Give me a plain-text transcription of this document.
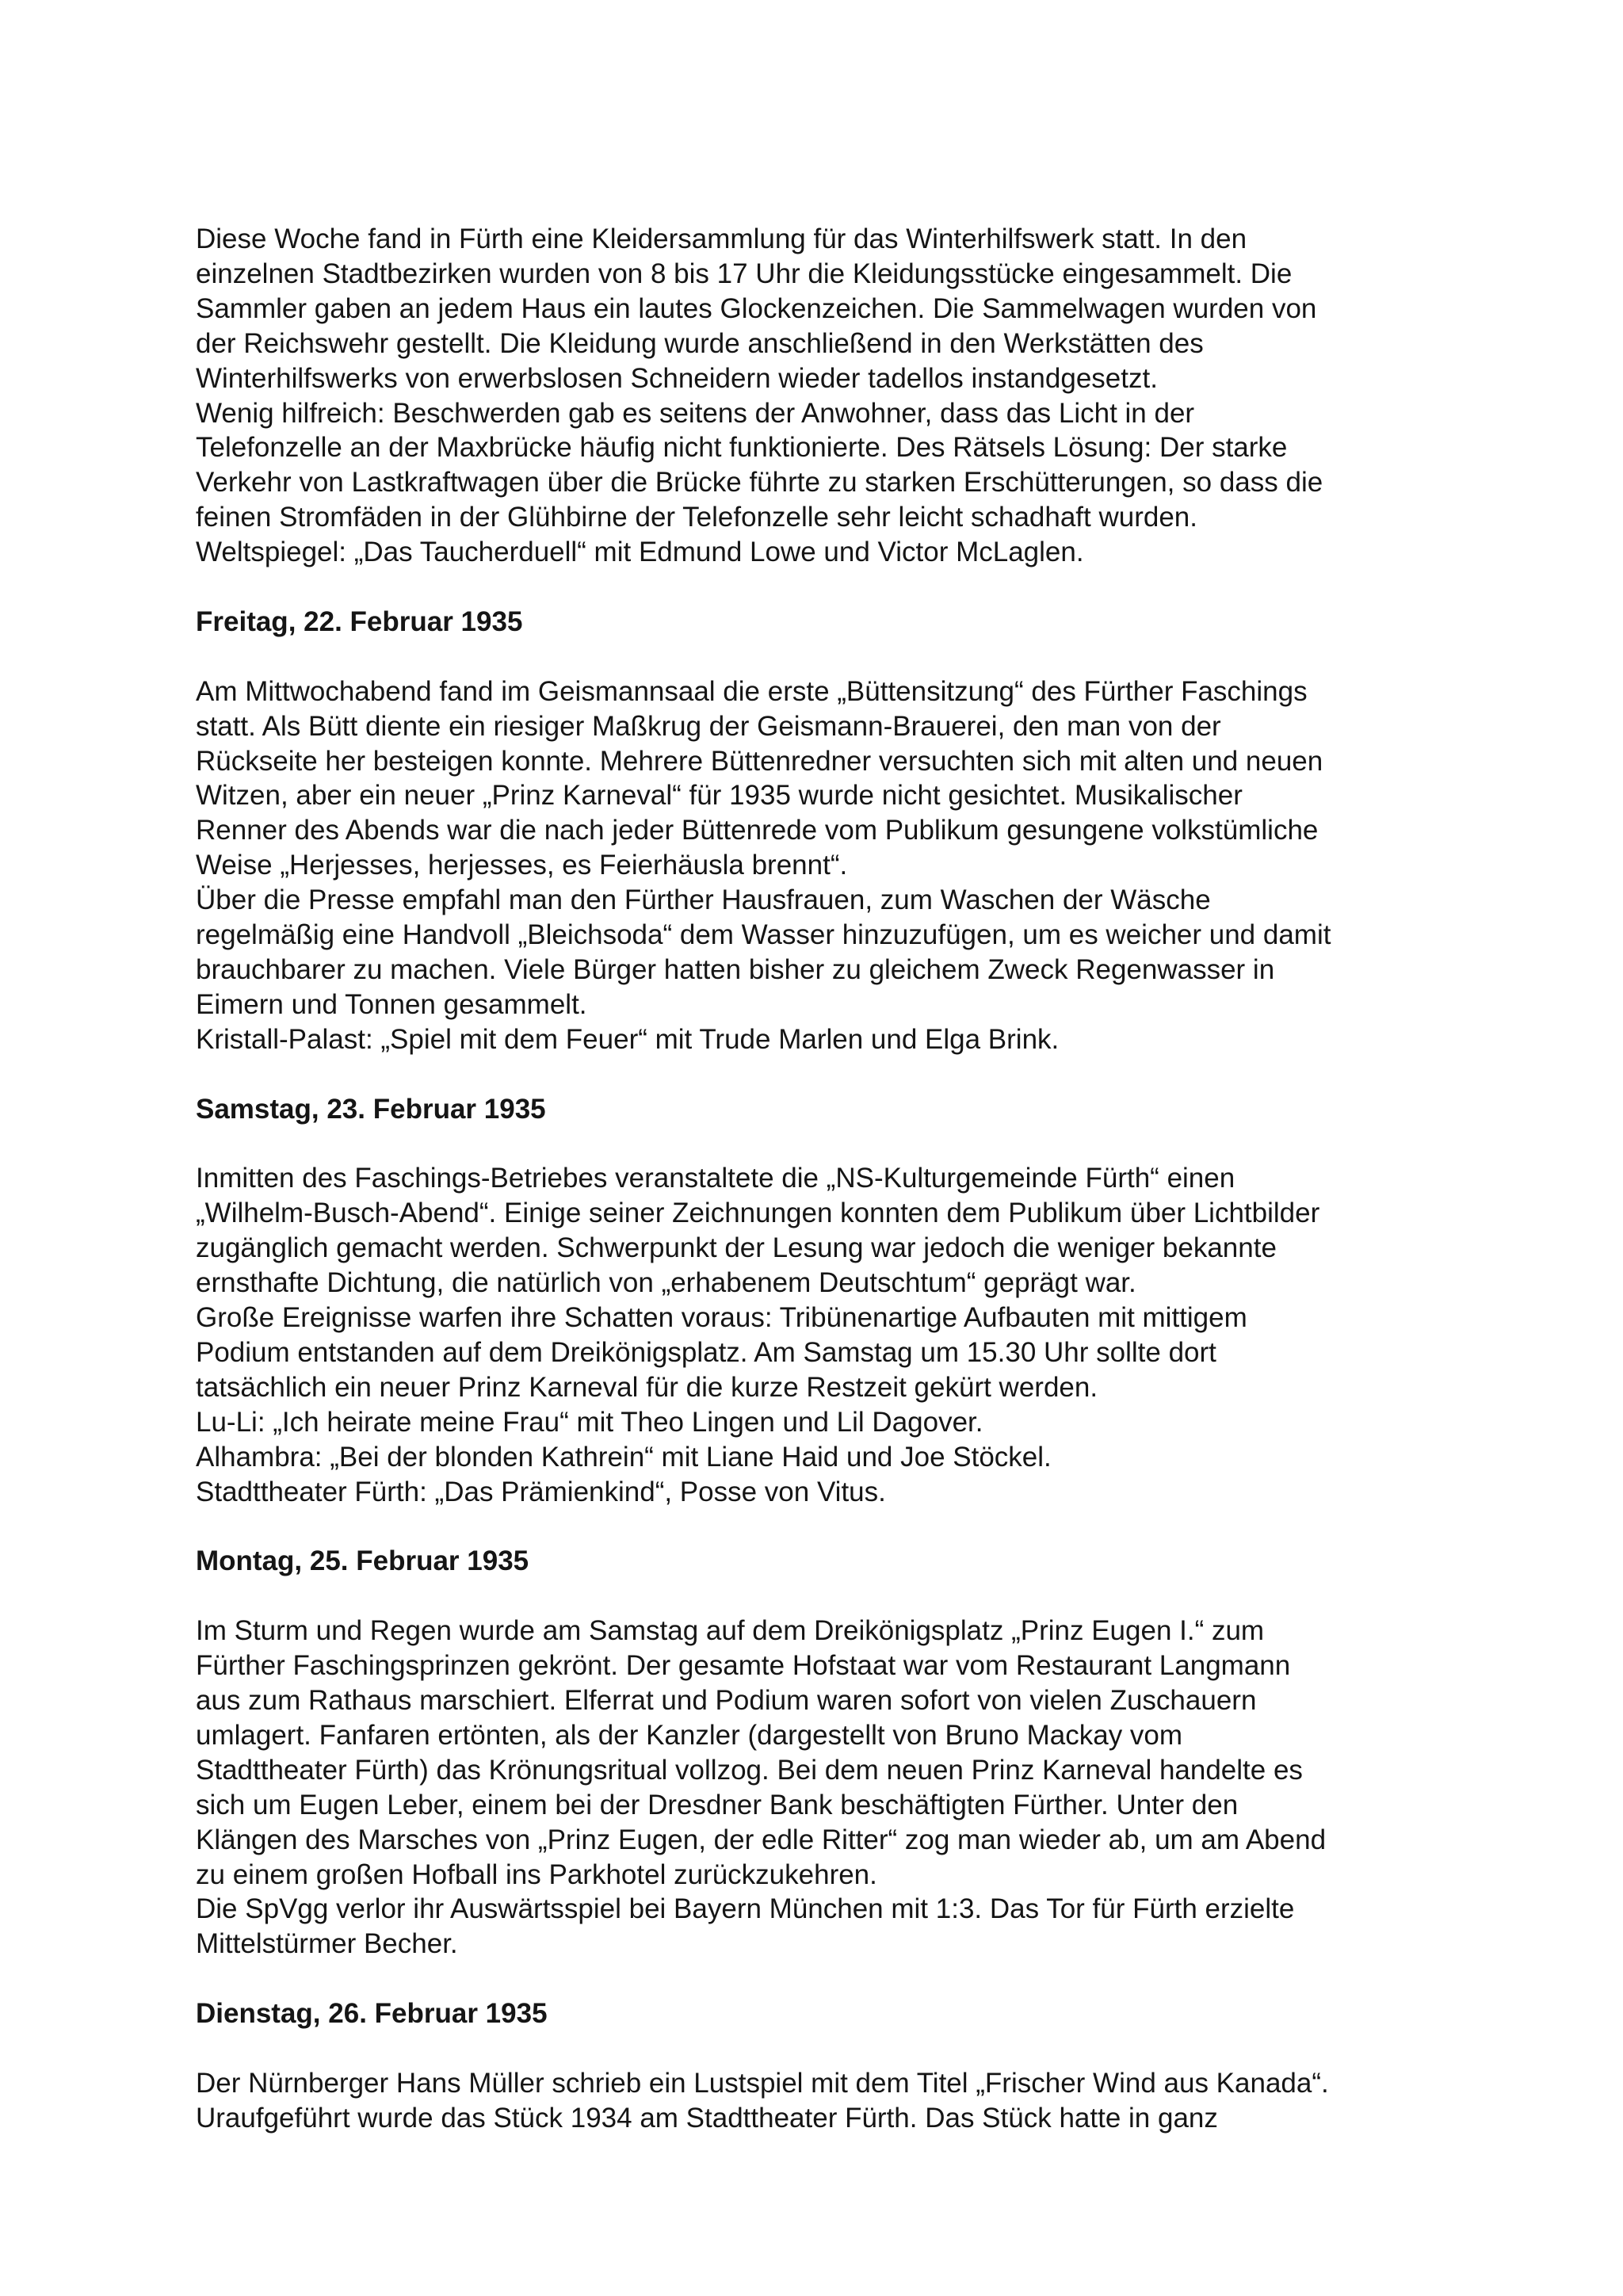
Diese Woche fand in Fürth eine Kleidersammlung für das Winterhilfswerk statt. In den
einzelnen Stadtbezirken wurden von 8 bis 17 Uhr die Kleidungsstücke eingesammelt. Die
Sammler gaben an jedem Haus ein lautes Glockenzeichen. Die Sammelwagen wurden von
der Reichswehr gestellt. Die Kleidung wurde anschließend in den Werkstätten des
Winterhilfswerks von erwerbslosen Schneidern wieder tadellos instandgesetzt.
Wenig hilfreich: Beschwerden gab es seitens der Anwohner, dass das Licht in der
Telefonzelle an der Maxbrücke häufig nicht funktionierte. Des Rätsels Lösung: Der starke
Verkehr von Lastkraftwagen über die Brücke führte zu starken Erschütterungen, so dass die
feinen Stromfäden in der Glühbirne der Telefonzelle sehr leicht schadhaft wurden.
Weltspiegel: „Das Taucherduell“ mit Edmund Lowe und Victor McLaglen.
Freitag, 22. Februar 1935
Am Mittwochabend fand im Geismannsaal die erste „Büttensitzung“ des Fürther Faschings
statt. Als Bütt diente ein riesiger Maßkrug der Geismann-Brauerei, den man von der
Rückseite her besteigen konnte. Mehrere Büttenredner versuchten sich mit alten und neuen
Witzen, aber ein neuer „Prinz Karneval“ für 1935 wurde nicht gesichtet. Musikalischer
Renner des Abends war die nach jeder Büttenrede vom Publikum gesungene volkstümliche
Weise „Herjesses, herjesses, es Feierhäusla brennt“.
Über die Presse empfahl man den Fürther Hausfrauen, zum Waschen der Wäsche
regelmäßig eine Handvoll „Bleichsoda“ dem Wasser hinzuzufügen, um es weicher und damit
brauchbarer zu machen. Viele Bürger hatten bisher zu gleichem Zweck Regenwasser in
Eimern und Tonnen gesammelt.
Kristall-Palast: „Spiel mit dem Feuer“ mit Trude Marlen und Elga Brink.
Samstag, 23. Februar 1935
Inmitten des Faschings-Betriebes veranstaltete die „NS-Kulturgemeinde Fürth“ einen
„Wilhelm-Busch-Abend“. Einige seiner Zeichnungen konnten dem Publikum über Lichtbilder
zugänglich gemacht werden. Schwerpunkt der Lesung war jedoch die weniger bekannte
ernsthafte Dichtung, die natürlich von „erhabenem Deutschtum“ geprägt war.
Große Ereignisse warfen ihre Schatten voraus: Tribünenartige Aufbauten mit mittigem
Podium entstanden auf dem Dreikönigsplatz. Am Samstag um 15.30 Uhr sollte dort
tatsächlich ein neuer Prinz Karneval für die kurze Restzeit gekürt werden.
Lu-Li: „Ich heirate meine Frau“ mit Theo Lingen und Lil Dagover.
Alhambra: „Bei der blonden Kathrein“ mit Liane Haid und Joe Stöckel.
Stadttheater Fürth: „Das Prämienkind“, Posse von Vitus.
Montag, 25. Februar 1935
Im Sturm und Regen wurde am Samstag auf dem Dreikönigsplatz „Prinz Eugen I.“ zum
Fürther Faschingsprinzen gekrönt. Der gesamte Hofstaat war vom Restaurant Langmann
aus zum Rathaus marschiert. Elferrat und Podium waren sofort von vielen Zuschauern
umlagert. Fanfaren ertönten, als der Kanzler (dargestellt von Bruno Mackay vom
Stadttheater Fürth) das Krönungsritual vollzog. Bei dem neuen Prinz Karneval handelte es
sich um Eugen Leber, einem bei der Dresdner Bank beschäftigten Fürther. Unter den
Klängen des Marsches von „Prinz Eugen, der edle Ritter“ zog man wieder ab, um am Abend
zu einem großen Hofball ins Parkhotel zurückzukehren.
Die SpVgg verlor ihr Auswärtsspiel bei Bayern München mit 1:3. Das Tor für Fürth erzielte
Mittelstürmer Becher.
Dienstag, 26. Februar 1935
Der Nürnberger Hans Müller schrieb ein Lustspiel mit dem Titel „Frischer Wind aus Kanada“.
Uraufgeführt wurde das Stück 1934 am Stadttheater Fürth. Das Stück hatte in ganz
